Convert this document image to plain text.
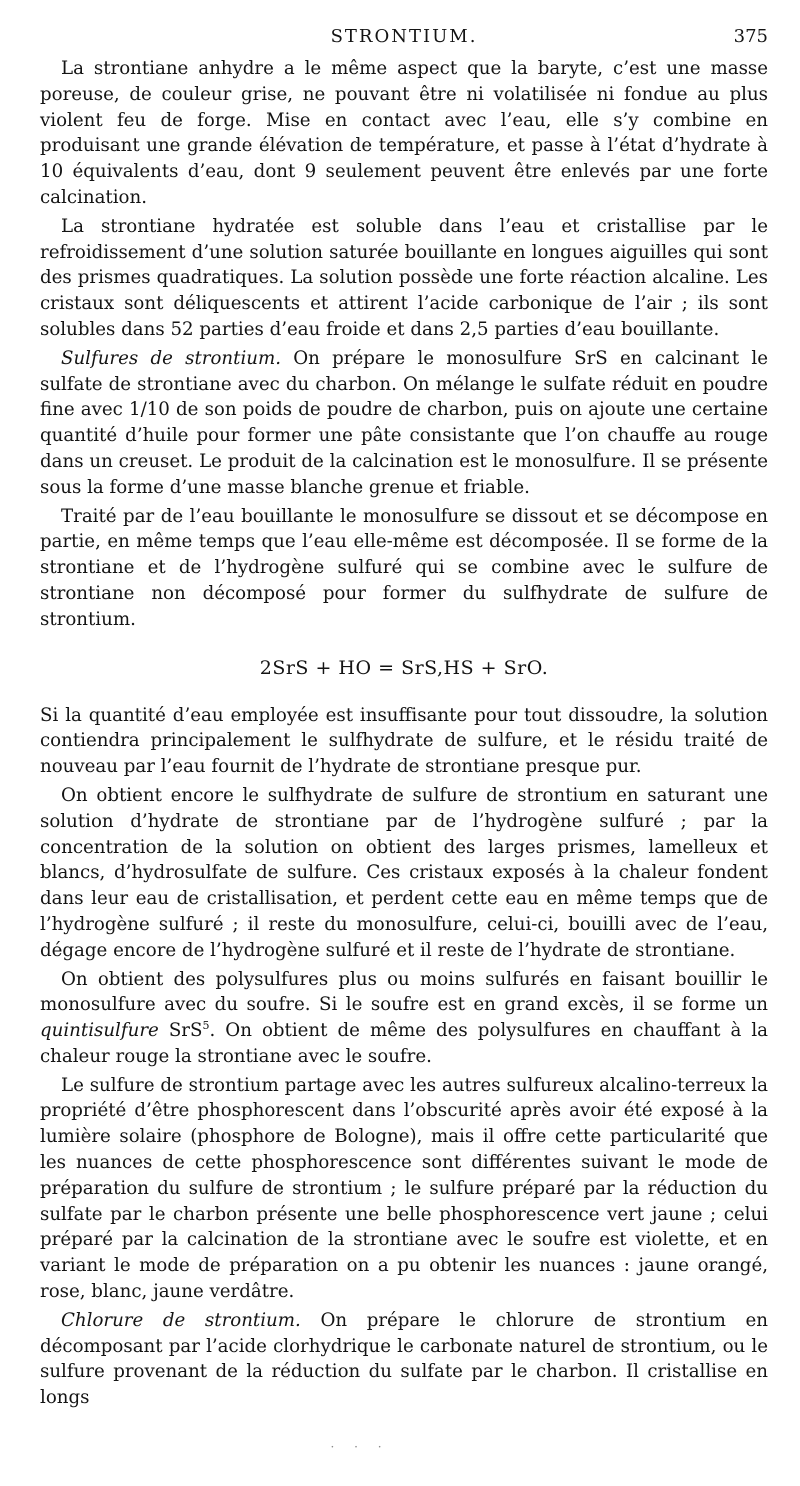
STRONTIUM.	375

La strontiane anhydre a le même aspect que la baryte, c’est une masse poreuse, de couleur grise, ne pouvant être ni volatilisée ni fondue au plus violent feu de forge. Mise en contact avec l’eau, elle s’y combine en produisant une grande élévation de température, et passe à l’état d’hydrate à 10 équivalents d’eau, dont 9 seulement peuvent être enlevés par une forte calcination.

La strontiane hydratée est soluble dans l’eau et cristallise par le refroidissement d’une solution saturée bouillante en longues aiguilles qui sont des prismes quadratiques. La solution possède une forte réaction alcaline. Les cristaux sont déliquescents et attirent l’acide carbonique de l’air ; ils sont solubles dans 52 parties d’eau froide et dans 2,5 parties d’eau bouillante.

Sulfures de strontium. On prépare le monosulfure SrS en calcinant le sulfate de strontiane avec du charbon. On mélange le sulfate réduit en poudre fine avec 1/10 de son poids de poudre de charbon, puis on ajoute une certaine quantité d’huile pour former une pâte consistante que l’on chauffe au rouge dans un creuset. Le produit de la calcination est le monosulfure. Il se présente sous la forme d’une masse blanche grenue et friable.

Traité par de l’eau bouillante le monosulfure se dissout et se décompose en partie, en même temps que l’eau elle-même est décomposée. Il se forme de la strontiane et de l’hydrogène sulfuré qui se combine avec le sulfure de strontiane non décomposé pour former du sulfhydrate de sulfure de strontium.

2SrS + HO = SrS,HS + SrO.

Si la quantité d’eau employée est insuffisante pour tout dissoudre, la solution contiendra principalement le sulfhydrate de sulfure, et le résidu traité de nouveau par l’eau fournit de l’hydrate de strontiane presque pur.

On obtient encore le sulfhydrate de sulfure de strontium en saturant une solution d’hydrate de strontiane par de l’hydrogène sulfuré ; par la concentration de la solution on obtient des larges prismes, lamelleux et blancs, d’hydrosulfate de sulfure. Ces cristaux exposés à la chaleur fondent dans leur eau de cristallisation, et perdent cette eau en même temps que de l’hydrogène sulfuré ; il reste du monosulfure, celui-ci, bouilli avec de l’eau, dégage encore de l’hydrogène sulfuré et il reste de l’hydrate de strontiane.

On obtient des polysulfures plus ou moins sulfurés en faisant bouillir le monosulfure avec du soufre. Si le soufre est en grand excès, il se forme un quintisulfure SrS$^5$. On obtient de même des polysulfures en chauffant à la chaleur rouge la strontiane avec le soufre.

Le sulfure de strontium partage avec les autres sulfureux alcalino-terreux la propriété d’être phosphorescent dans l’obscurité après avoir été exposé à la lumière solaire (phosphore de Bologne), mais il offre cette particularité que les nuances de cette phosphorescence sont différentes suivant le mode de préparation du sulfure de strontium ; le sulfure préparé par la réduction du sulfate par le charbon présente une belle phosphorescence vert jaune ; celui préparé par la calcination de la strontiane avec le soufre est violette, et en variant le mode de préparation on a pu obtenir les nuances : jaune orangé, rose, blanc, jaune verdâtre.

Chlorure de strontium. On prépare le chlorure de strontium en décomposant par l’acide clorhydrique le carbonate naturel de strontium, ou le sulfure provenant de la réduction du sulfate par le charbon. Il cristallise en longs

· · ·
